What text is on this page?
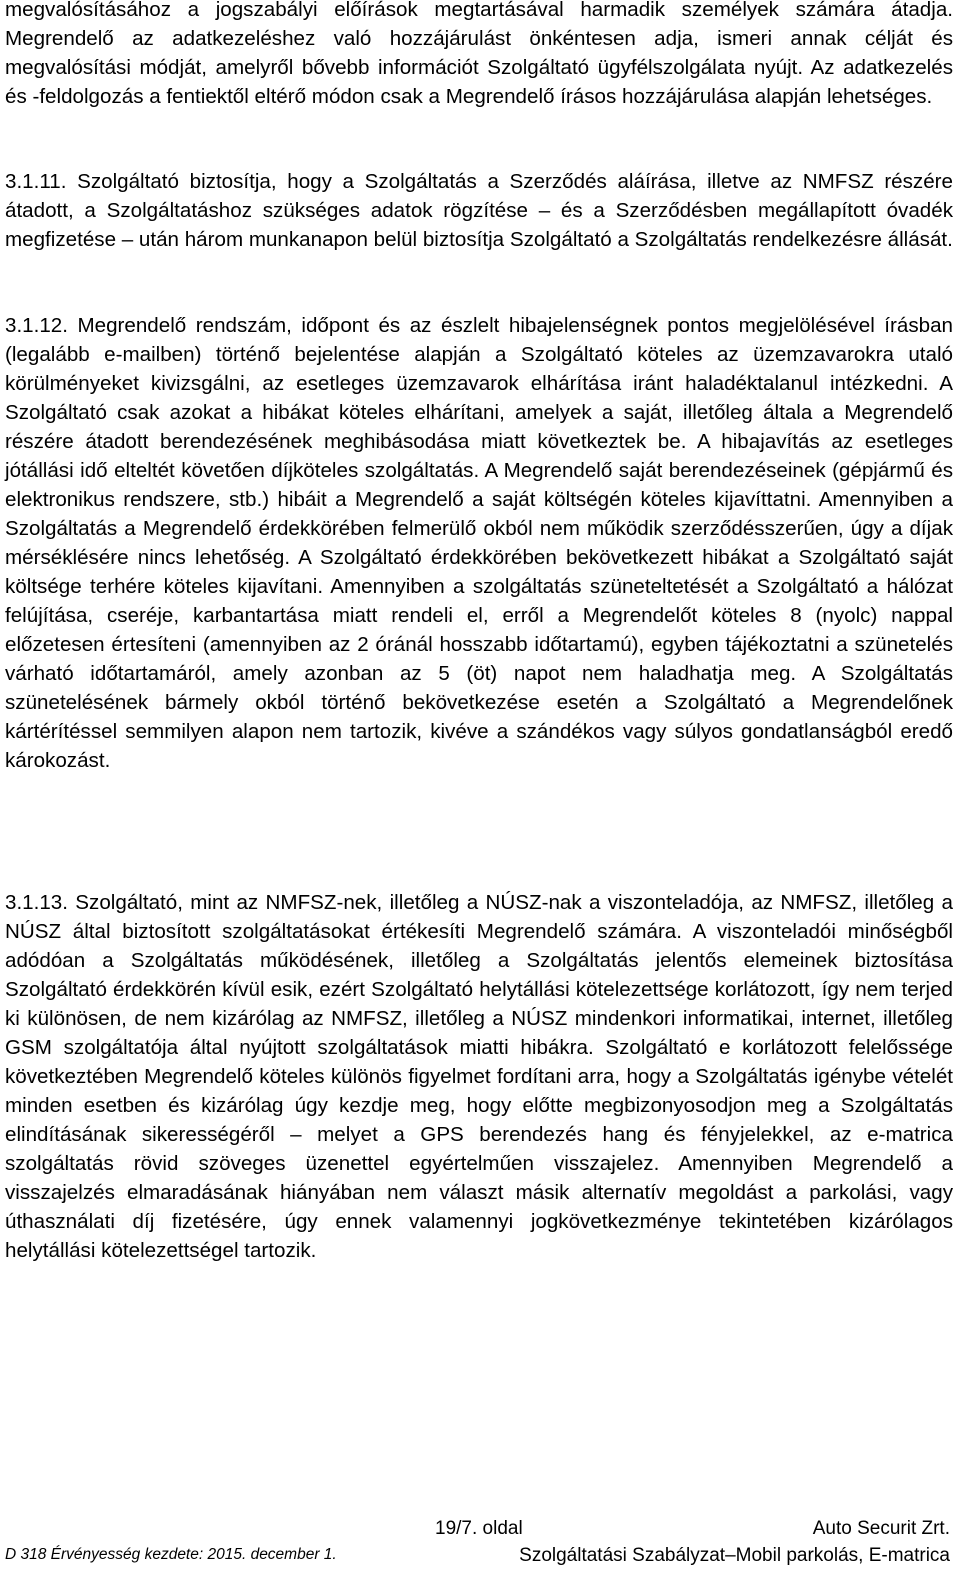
megvalósításához a jogszabályi előírások megtartásával harmadik személyek számára átadja. Megrendelő az adatkezeléshez való hozzájárulást önkéntesen adja, ismeri annak célját és megvalósítási módját, amelyről bővebb információt Szolgáltató ügyfélszolgálata nyújt. Az adatkezelés és -feldolgozás a fentiektől eltérő módon csak a Megrendelő írásos hozzájárulása alapján lehetséges.

3.1.11. Szolgáltató biztosítja, hogy a Szolgáltatás a Szerződés aláírása, illetve az NMFSZ részére átadott, a Szolgáltatáshoz szükséges adatok rögzítése – és a Szerződésben megállapított óvadék megfizetése – után három munkanapon belül biztosítja Szolgáltató a Szolgáltatás rendelkezésre állását.

3.1.12. Megrendelő rendszám, időpont és az észlelt hibajelenségnek pontos megjelölésével írásban (legalább e-mailben) történő bejelentése alapján a Szolgáltató köteles az üzemzavarokra utaló körülményeket kivizsgálni, az esetleges üzemzavarok elhárítása iránt haladéktalanul intézkedni. A Szolgáltató csak azokat a hibákat köteles elhárítani, amelyek a saját, illetőleg általa a Megrendelő részére átadott berendezésének meghibásodása miatt következtek be. A hibajavítás az esetleges jótállási idő elteltét követően díjköteles szolgáltatás. A Megrendelő saját berendezéseinek (gépjármű és elektronikus rendszere, stb.) hibáit a Megrendelő a saját költségén köteles kijavíttatni. Amennyiben a Szolgáltatás a Megrendelő érdekkörében felmerülő okból nem működik szerződésszerűen, úgy a díjak mérséklésére nincs lehetőség. A Szolgáltató érdekkörében bekövetkezett hibákat a Szolgáltató saját költsége terhére köteles kijavítani. Amennyiben a szolgáltatás szüneteltetését a Szolgáltató a hálózat felújítása, cseréje, karbantartása miatt rendeli el, erről a Megrendelőt köteles 8 (nyolc) nappal előzetesen értesíteni (amennyiben az 2 óránál hosszabb időtartamú), egyben tájékoztatni a szünetelés várható időtartamáról, amely azonban az 5 (öt) napot nem haladhatja meg. A Szolgáltatás szünetelésének bármely okból történő bekövetkezése esetén a Szolgáltató a Megrendelőnek kártérítéssel semmilyen alapon nem tartozik, kivéve a szándékos vagy súlyos gondatlanságból eredő károkozást.

3.1.13. Szolgáltató, mint az NMFSZ-nek, illetőleg a NÚSZ-nak a viszonteladója, az NMFSZ, illetőleg a NÚSZ által biztosított szolgáltatásokat értékesíti Megrendelő számára. A viszonteladói minőségből adódóan a Szolgáltatás működésének, illetőleg a Szolgáltatás jelentős elemeinek biztosítása Szolgáltató érdekkörén kívül esik, ezért Szolgáltató helytállási kötelezettsége korlátozott, így nem terjed ki különösen, de nem kizárólag az NMFSZ, illetőleg a NÚSZ mindenkori informatikai, internet, illetőleg GSM szolgáltatója által nyújtott szolgáltatások miatti hibákra. Szolgáltató e korlátozott felelőssége következtében Megrendelő köteles különös figyelmet fordítani arra, hogy a Szolgáltatás igénybe vételét minden esetben és kizárólag úgy kezdje meg, hogy előtte megbizonyosodjon meg a Szolgáltatás elindításának sikerességéről – melyet a GPS berendezés hang és fényjelekkel, az e-matrica szolgáltatás rövid szöveges üzenettel egyértelműen visszajelez. Amennyiben Megrendelő a visszajelzés elmaradásának hiányában nem választ másik alternatív megoldást a parkolási, vagy úthasználati díj fizetésére, úgy ennek valamennyi jogkövetkezménye tekintetében kizárólagos helytállási kötelezettségel tartozik.

D 318 Érvényesség kezdete: 2015. december 1.
19/7. oldal	Auto Securit Zrt.
Szolgáltatási Szabályzat–Mobil parkolás, E-matrica
